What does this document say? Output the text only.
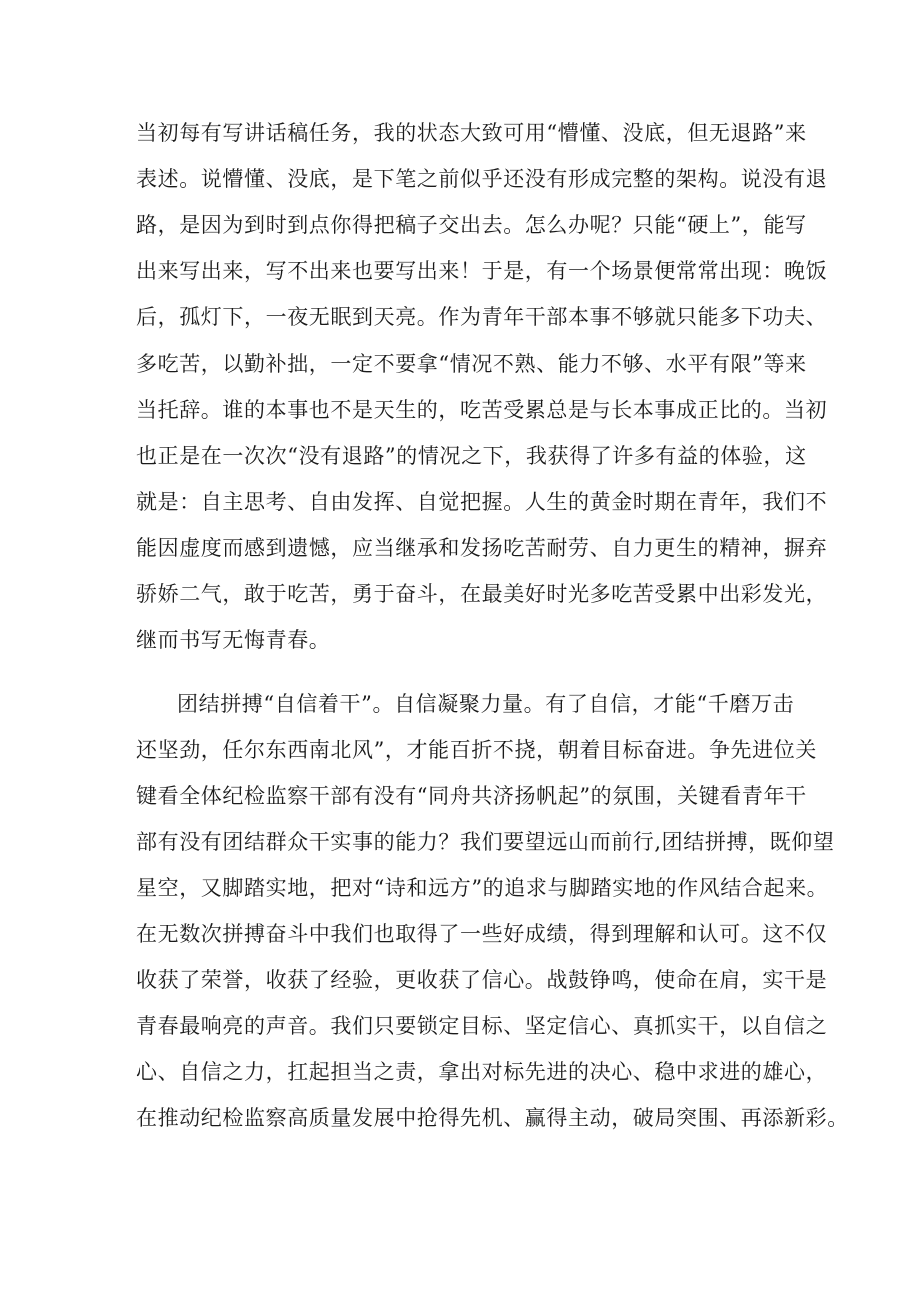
当初每有写讲话稿任务，我的状态大致可用“懵懂、没底，但无退路”来
表述。说懵懂、没底，是下笔之前似乎还没有形成完整的架构。说没有退
路，是因为到时到点你得把稿子交出去。怎么办呢？只能“硬上”，能写
出来写出来，写不出来也要写出来！于是，有一个场景便常常出现：晚饭
后，孤灯下，一夜无眠到天亮。作为青年干部本事不够就只能多下功夫、
多吃苦，以勤补拙，一定不要拿“情况不熟、能力不够、水平有限”等来
当托辞。谁的本事也不是天生的，吃苦受累总是与长本事成正比的。当初
也正是在一次次“没有退路”的情况之下，我获得了许多有益的体验，这
就是：自主思考、自由发挥、自觉把握。人生的黄金时期在青年，我们不
能因虚度而感到遗憾，应当继承和发扬吃苦耐劳、自力更生的精神，摒弃
骄娇二气，敢于吃苦，勇于奋斗，在最美好时光多吃苦受累中出彩发光，
继而书写无悔青春。
团结拼搏“自信着干”。自信凝聚力量。有了自信，才能“千磨万击
还坚劲，任尔东西南北风”，才能百折不挠，朝着目标奋进。争先进位关
键看全体纪检监察干部有没有“同舟共济扬帆起”的氛围，关键看青年干
部有没有团结群众干实事的能力？我们要望远山而前行,团结拼搏，既仰望
星空，又脚踏实地，把对“诗和远方”的追求与脚踏实地的作风结合起来。
在无数次拼搏奋斗中我们也取得了一些好成绩，得到理解和认可。这不仅
收获了荣誉，收获了经验，更收获了信心。战鼓铮鸣，使命在肩，实干是
青春最响亮的声音。我们只要锁定目标、坚定信心、真抓实干，以自信之
心、自信之力，扛起担当之责，拿出对标先进的决心、稳中求进的雄心，
在推动纪检监察高质量发展中抢得先机、赢得主动，破局突围、再添新彩。
